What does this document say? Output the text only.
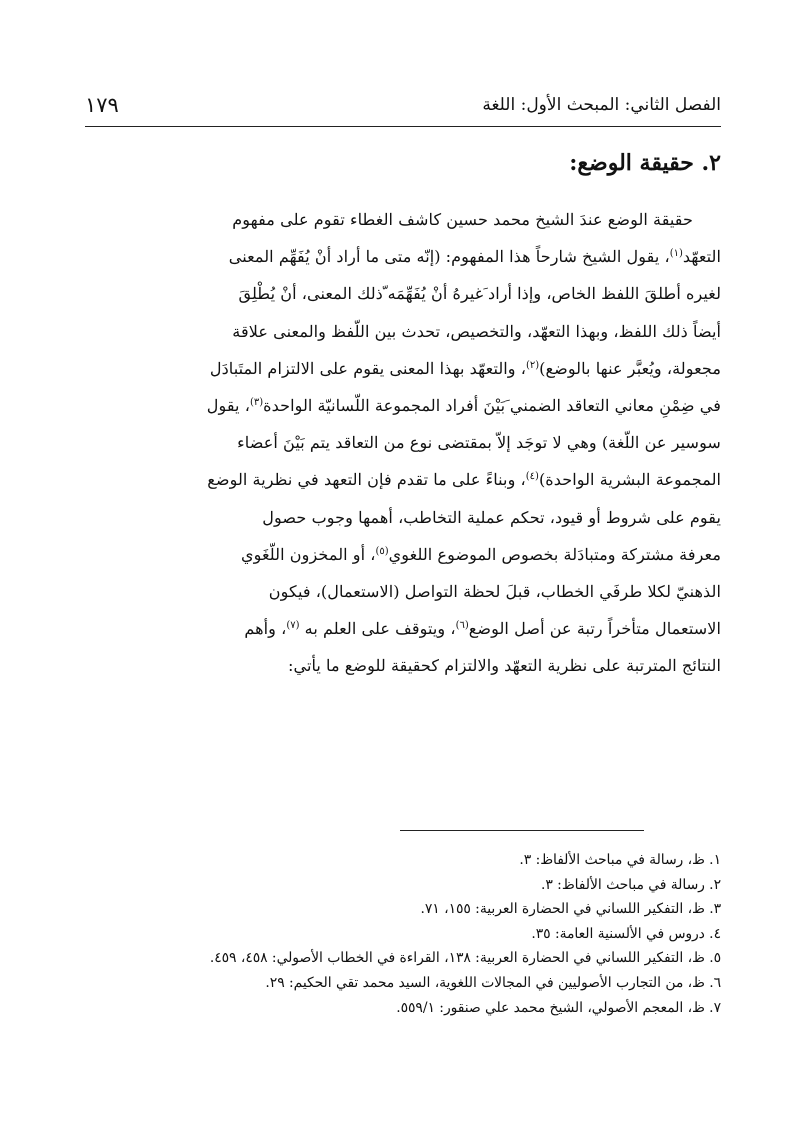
الفصل الثاني: المبحث الأول: اللغة
١٧٩
٢. حقيقة الوضع:
حقيقة الوضع عندَ الشيخ محمد حسين كاشف الغطاء تقوم على مفهوم
التعهّد$^{(١)}$، يقول الشيخ شارحاً هذا المفهوم: (إنّه متى ما أراد أنْ يُفَهِّم المعنى
لغيره أطلقَ اللفظ الخاص، وإذا أراد َغيرهُ أنْ يُفَهِّمَه ّذلك المعنى، أنْ يُطْلِقَ
أيضاً ذلك اللفظ، وبهذا التعهّد، والتخصيص، تحدث بين اللّفظ والمعنى علاقة
مجعولة، ويُعبَّر عنها بالوضع)$^{(٢)}$، والتعهّد بهذا المعنى يقوم على الالتزام المتَبادَل
في ضِمْنِ معاني التعاقد الضمني َبَيْنَ أفراد المجموعة اللّسانيّة الواحدة$^{(٣)}$، يقول
سوسير عن اللّغة) وهي لا توجَد إلاّ بمقتضى نوع من التعاقد يتم بَيْنَ أعضاء
المجموعة البشرية الواحدة)$^{(٤)}$، وبناءً على ما تقدم فإن التعهد في نظرية الوضع
يقوم على شروط أو قيود، تحكم عملية التخاطب، أهمها وجوب حصول
معرفة مشتركة ومتبادَلة بخصوص الموضوع اللغوي$^{(٥)}$، أو المخزون اللّغَوي
الذهنيّ لكلا طرفَي الخطاب، قبلَ لحظة التواصل (الاستعمال)، فيكون
الاستعمال متأخراً رتبة عن أصل الوضع$^{(٦)}$، ويتوقف على العلم به $^{(٧)}$، وأهم
النتائج المترتبة على نظرية التعهّد والالتزام كحقيقة للوضع ما يأتي:
١. ظ، رسالة في مباحث الألفاظ: ٣.
٢. رسالة في مباحث الألفاظ: ٣.
٣. ظ، التفكير اللساني في الحضارة العربية: ١٥٥، ٧١.
٤. دروس في الألسنية العامة: ٣٥.
٥. ظ، التفكير اللساني في الحضارة العربية: ١٣٨، القراءة في الخطاب الأصولي: ٤٥٨، ٤٥٩.
٦. ظ، من التجارب الأصوليين في المجالات اللغوية، السيد محمد تقي الحكيم: ٢٩.
٧. ظ، المعجم الأصولي، الشيخ محمد علي صنقور: ٥٥٩/١.
